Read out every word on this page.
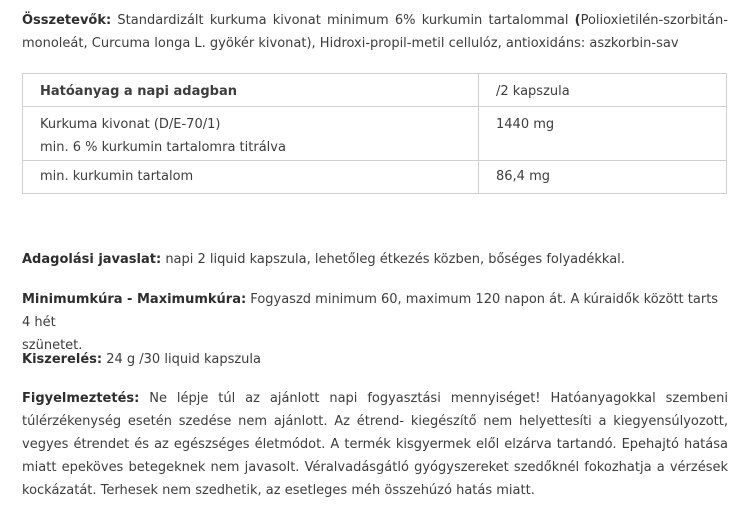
Összetevők: Standardizált kurkuma kivonat minimum 6% kurkumin tartalommal (Polioxietilén-szorbitán-
monoleát, Curcuma longa L. gyökér kivonat), Hidroxi-propil-metil cellulóz, antioxidáns: aszkorbin-sav
Hatóanyag a napi adagban	/2 kapszula

Kurkuma kivonat (D/E-70/1)
min. 6 % kurkumin tartalomra titrálva	1440 mg
min. kurkumin tartalom	86,4 mg

Adagolási javaslat: napi 2 liquid kapszula, lehetőleg étkezés közben, bőséges folyadékkal.

Minimumkúra - Maximumkúra: Fogyaszd minimum 60, maximum 120 napon át. A kúraidők között tarts 4 hét
szünetet.

Kiszerelés: 24 g /30 liquid kapszula

Figyelmeztetés: Ne lépje túl az ajánlott napi fogyasztási mennyiséget! Hatóanyagokkal szembeni
túlérzékenység esetén szedése nem ajánlott. Az étrend- kiegészítő nem helyettesíti a kiegyensúlyozott,
vegyes étrendet és az egészséges életmódot. A termék kisgyermek elől elzárva tartandó. Epehajtó hatása
miatt epeköves betegeknek nem javasolt. Véralvadásgátló gyógyszereket szedőknél fokozhatja a vérzések
kockázatát. Terhesek nem szedhetik, az esetleges méh összehúzó hatás miatt.
